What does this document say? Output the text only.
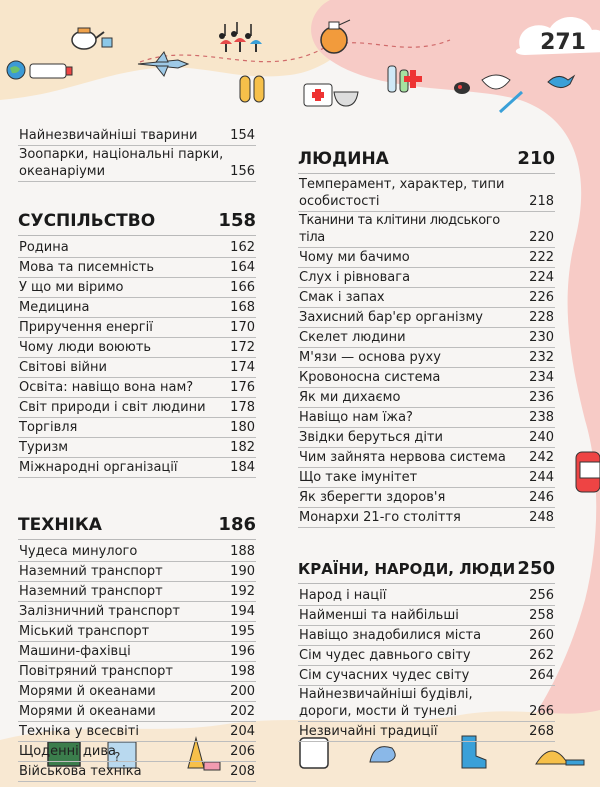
?
271
Найнезвичайніші тварини	154
Зоопарки, національні парки, океанаріуми	156
СУСПІЛЬСТВО	158
Родина	162
Мова та писемність	164
У щo ми віримо	166
Медицина	168
Приручення енергії	170
Чому люди воюють	172
Світові війни	174
Освіта: навіщо вона нам?	176
Світ природи і світ людини	178
Торгівля	180
Туризм	182
Міжнародні організації	184
ТЕХНІКА	186
Чудеса минулого	188
Наземний транспорт	190
Наземний транспорт	192
Залізничний транспорт	194
Міський транспорт	195
Машини-фахівці	196
Повітряний транспорт	198
Морями й океанами	200
Морями й океанами	202
Техніка у всесвіті	204
Щоденні дива	206
Військова техніка	208
ЛЮДИНА	210
Темперамент, характер, типи особистості	218
Тканини та клітини людського тіла	220
Чому ми бачимо	222
Слух і рівновага	224
Смак і запах	226
Захисний бар'єр організму	228
Скелет людини	230
М'язи — основа руху	232
Кровоносна система	234
Як ми дихаємо	236
Навіщо нам їжа?	238
Звідки беруться діти	240
Чим зайнята нервова система	242
Що таке імунітет	244
Як зберегти здоров'я	246
Монархи 21-го століття	248
КРАЇНИ, НАРОДИ, ЛЮДИ 250
Народ і нації	256
Найменші та найбільші	258
Навіщо знадобилися міста	260
Сім чудес давнього світу	262
Сім сучасних чудес світу	264
Найнезвичайніші будівлі, дороги, мости й тунелі	266
Незвичайні традиції	268
